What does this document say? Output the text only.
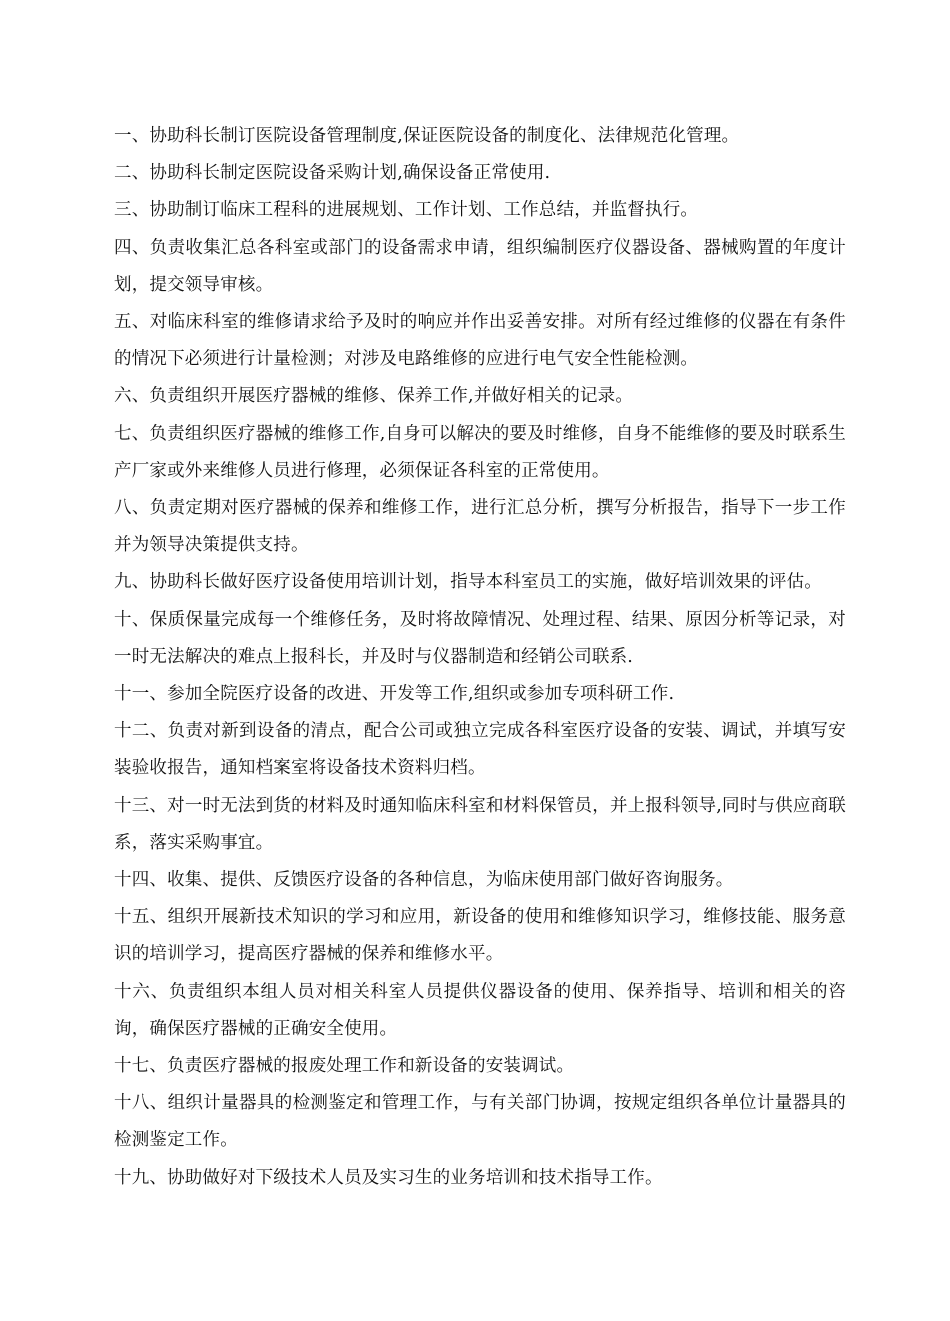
一、协助科长制订医院设备管理制度,保证医院设备的制度化、法律规范化管理。

二、协助科长制定医院设备采购计划,确保设备正常使用.

三、协助制订临床工程科的进展规划、工作计划、工作总结，并监督执行。

四、负责收集汇总各科室或部门的设备需求申请，组织编制医疗仪器设备、器械购置的年度计划，提交领导审核。

五、对临床科室的维修请求给予及时的响应并作出妥善安排。对所有经过维修的仪器在有条件的情况下必须进行计量检测；对涉及电路维修的应进行电气安全性能检测。

六、负责组织开展医疗器械的维修、保养工作,并做好相关的记录。

七、负责组织医疗器械的维修工作,自身可以解决的要及时维修，自身不能维修的要及时联系生产厂家或外来维修人员进行修理，必须保证各科室的正常使用。

八、负责定期对医疗器械的保养和维修工作，进行汇总分析，撰写分析报告，指导下一步工作并为领导决策提供支持。

九、协助科长做好医疗设备使用培训计划，指导本科室员工的实施，做好培训效果的评估。

十、保质保量完成每一个维修任务，及时将故障情况、处理过程、结果、原因分析等记录，对一时无法解决的难点上报科长，并及时与仪器制造和经销公司联系.

十一、参加全院医疗设备的改进、开发等工作,组织或参加专项科研工作.

十二、负责对新到设备的清点，配合公司或独立完成各科室医疗设备的安装、调试，并填写安装验收报告，通知档案室将设备技术资料归档。

十三、对一时无法到货的材料及时通知临床科室和材料保管员，并上报科领导,同时与供应商联系，落实采购事宜。

十四、收集、提供、反馈医疗设备的各种信息，为临床使用部门做好咨询服务。

十五、组织开展新技术知识的学习和应用，新设备的使用和维修知识学习，维修技能、服务意识的培训学习，提高医疗器械的保养和维修水平。

十六、负责组织本组人员对相关科室人员提供仪器设备的使用、保养指导、培训和相关的咨询，确保医疗器械的正确安全使用。

十七、负责医疗器械的报废处理工作和新设备的安装调试。

十八、组织计量器具的检测鉴定和管理工作，与有关部门协调，按规定组织各单位计量器具的检测鉴定工作。

十九、协助做好对下级技术人员及实习生的业务培训和技术指导工作。
